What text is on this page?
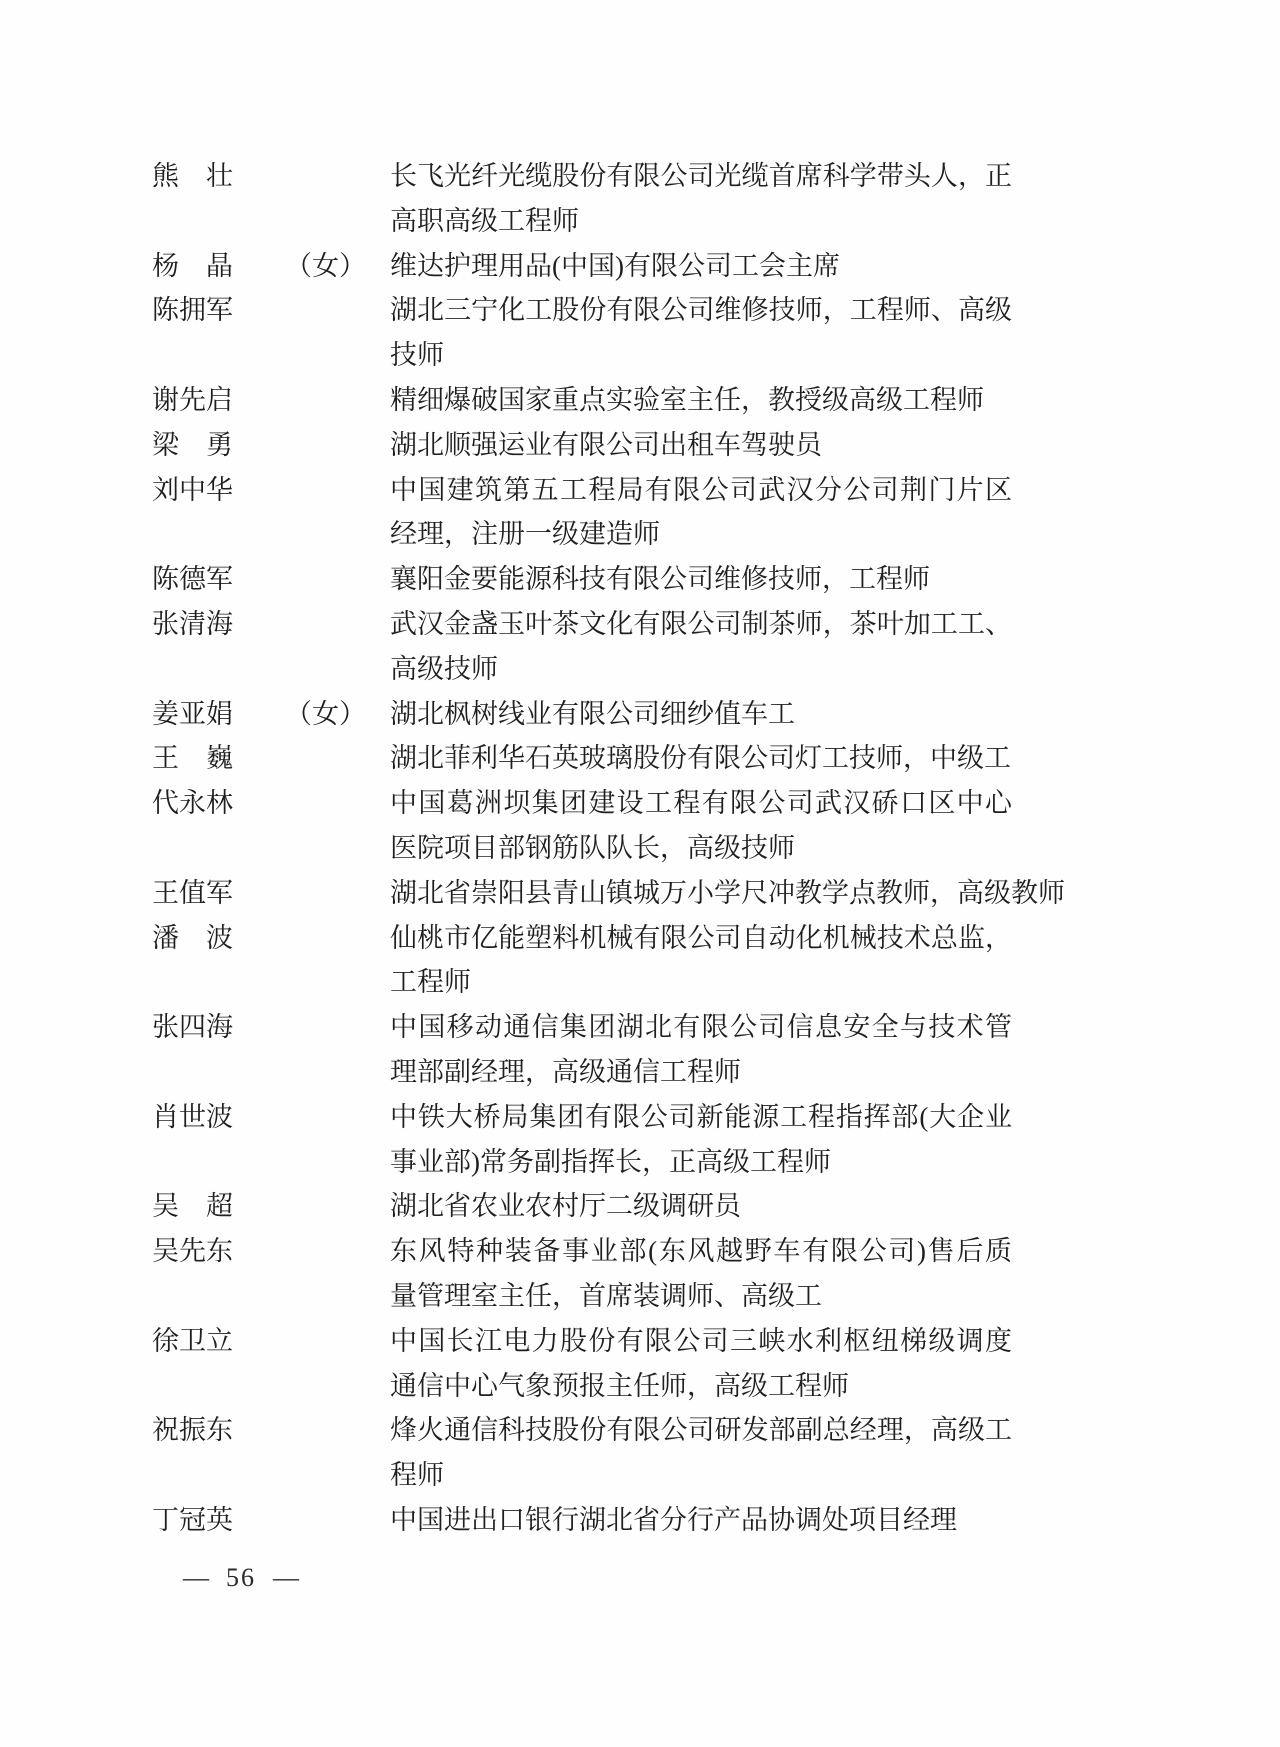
熊　壮	长飞光纤光缆股份有限公司光缆首席科学带头人，正
高职高级工程师
杨　晶 （女） 维达护理用品(中国)有限公司工会主席
陈拥军	湖北三宁化工股份有限公司维修技师，工程师、高级
技师
谢先启	精细爆破国家重点实验室主任，教授级高级工程师
梁　勇	湖北顺强运业有限公司出租车驾驶员
刘中华	中国建筑第五工程局有限公司武汉分公司荆门片区
经理，注册一级建造师
陈德军	襄阳金要能源科技有限公司维修技师，工程师
张清海	武汉金盏玉叶茶文化有限公司制茶师，茶叶加工工、
高级技师
姜亚娟 （女） 湖北枫树线业有限公司细纱值车工
王　巍	湖北菲利华石英玻璃股份有限公司灯工技师，中级工
代永林	中国葛洲坝集团建设工程有限公司武汉硚口区中心
医院项目部钢筋队队长，高级技师
王值军	湖北省崇阳县青山镇城万小学尺冲教学点教师，高级教师
潘　波	仙桃市亿能塑料机械有限公司自动化机械技术总监，
工程师
张四海	中国移动通信集团湖北有限公司信息安全与技术管
理部副经理，高级通信工程师
肖世波	中铁大桥局集团有限公司新能源工程指挥部(大企业
事业部)常务副指挥长，正高级工程师
吴　超	湖北省农业农村厅二级调研员
吴先东	东风特种装备事业部(东风越野车有限公司)售后质
量管理室主任，首席装调师、高级工
徐卫立	中国长江电力股份有限公司三峡水利枢纽梯级调度
通信中心气象预报主任师，高级工程师
祝振东	烽火通信科技股份有限公司研发部副总经理，高级工
程师
丁冠英	中国进出口银行湖北省分行产品协调处项目经理
— 56 —
